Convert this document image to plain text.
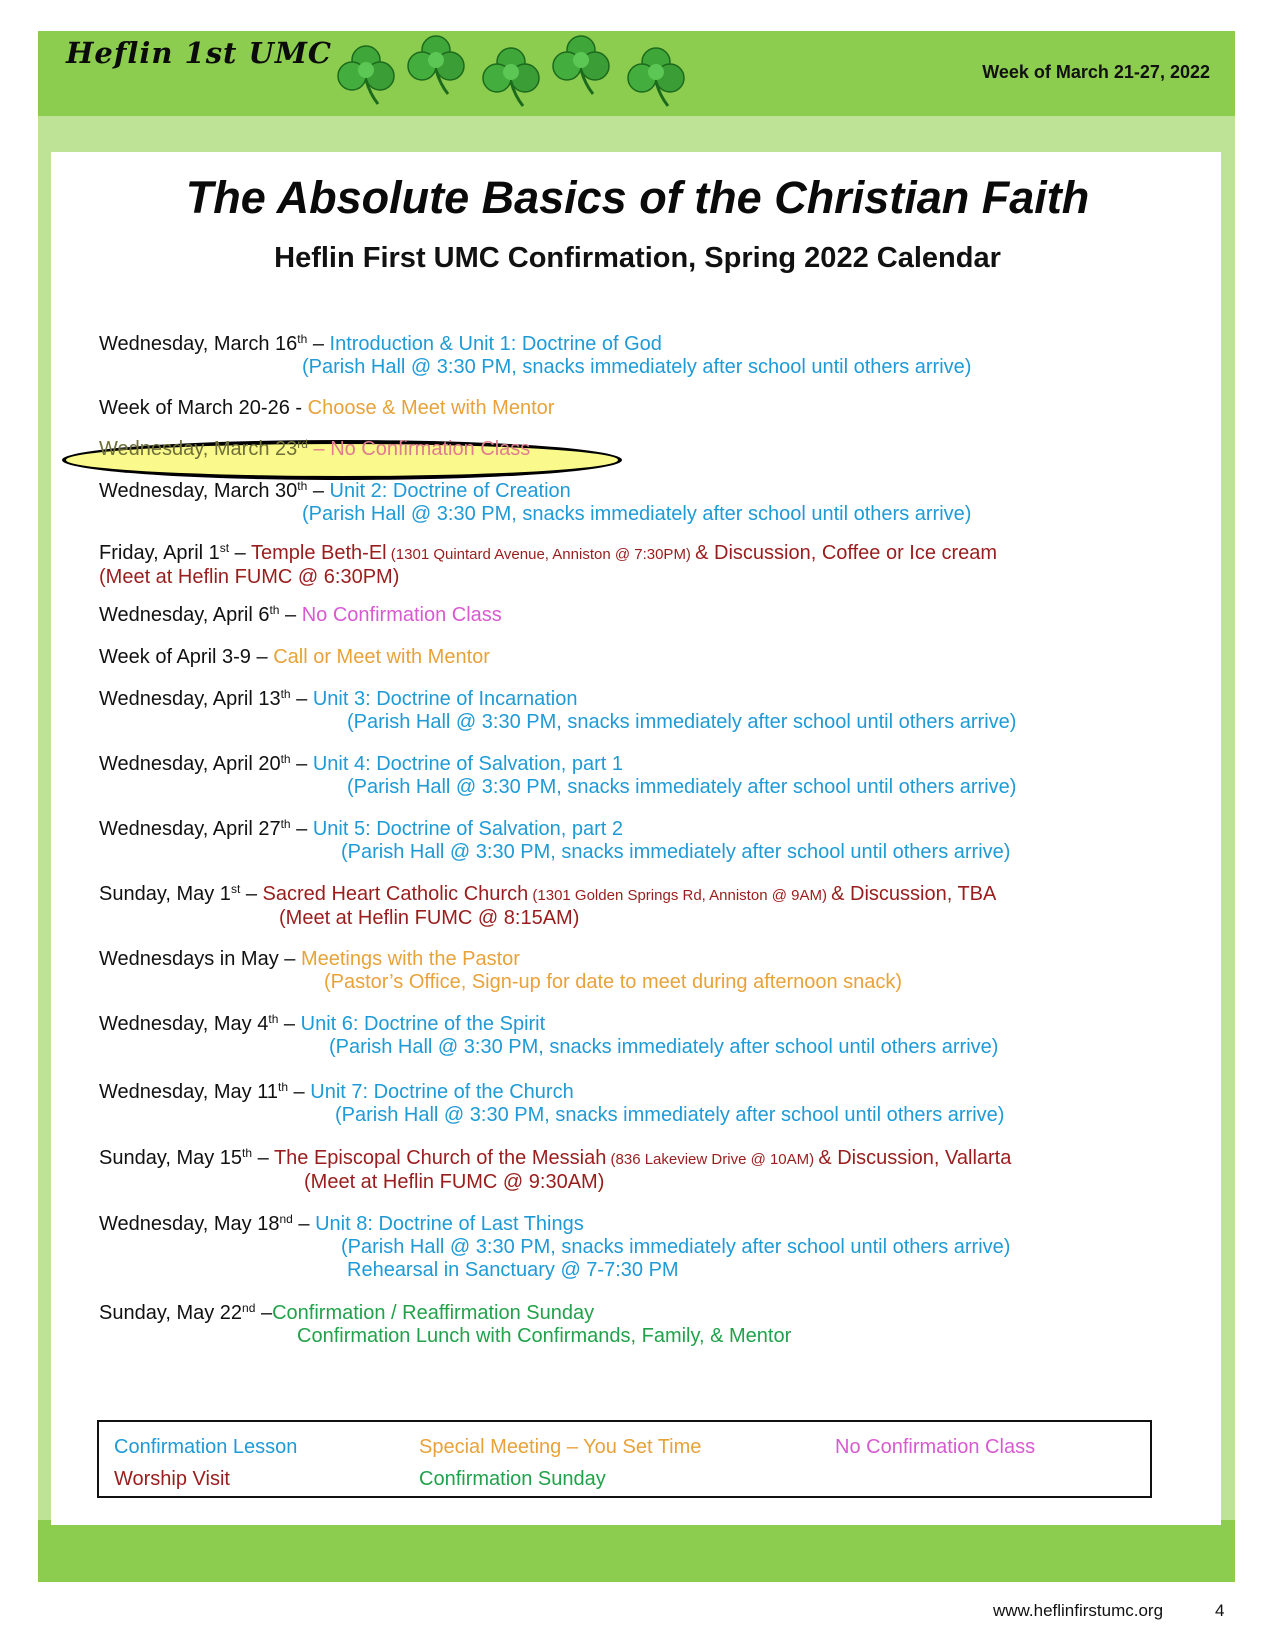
Heflin 1st UMC
Week of March 21-27, 2022
The Absolute Basics of the Christian Faith
Heflin First UMC Confirmation, Spring 2022 Calendar
Wednesday, March 16th – Introduction & Unit 1: Doctrine of God
(Parish Hall @ 3:30 PM, snacks immediately after school until others arrive)
Week of March 20-26 - Choose & Meet with Mentor
Wednesday, March 23rd – No Confirmation Class
Wednesday, March 30th – Unit 2: Doctrine of Creation
(Parish Hall @ 3:30 PM, snacks immediately after school until others arrive)
Friday, April 1st – Temple Beth-El (1301 Quintard Avenue, Anniston @ 7:30PM) & Discussion, Coffee or Ice cream
(Meet at Heflin FUMC @ 6:30PM)
Wednesday, April 6th – No Confirmation Class
Week of April 3-9 – Call or Meet with Mentor
Wednesday, April 13th – Unit 3: Doctrine of Incarnation
(Parish Hall @ 3:30 PM, snacks immediately after school until others arrive)
Wednesday, April 20th – Unit 4: Doctrine of Salvation, part 1
(Parish Hall @ 3:30 PM, snacks immediately after school until others arrive)
Wednesday, April 27th – Unit 5: Doctrine of Salvation, part 2
(Parish Hall @ 3:30 PM, snacks immediately after school until others arrive)
Sunday, May 1st – Sacred Heart Catholic Church (1301 Golden Springs Rd, Anniston @ 9AM) & Discussion, TBA
(Meet at Heflin FUMC @ 8:15AM)
Wednesdays in May – Meetings with the Pastor
(Pastor’s Office, Sign-up for date to meet during afternoon snack)
Wednesday, May 4th – Unit 6: Doctrine of the Spirit
(Parish Hall @ 3:30 PM, snacks immediately after school until others arrive)
Wednesday, May 11th – Unit 7: Doctrine of the Church
(Parish Hall @ 3:30 PM, snacks immediately after school until others arrive)
Sunday, May 15th – The Episcopal Church of the Messiah (836 Lakeview Drive @ 10AM) & Discussion, Vallarta
(Meet at Heflin FUMC @ 9:30AM)
Wednesday, May 18nd – Unit 8: Doctrine of Last Things
(Parish Hall @ 3:30 PM, snacks immediately after school until others arrive)
Rehearsal in Sanctuary @ 7-7:30 PM
Sunday, May 22nd –Confirmation / Reaffirmation Sunday
Confirmation Lunch with Confirmands, Family, & Mentor
Confirmation Lesson	Special Meeting – You Set Time	No Confirmation Class
Worship Visit	Confirmation Sunday
www.heflinfirstumc.org	4
